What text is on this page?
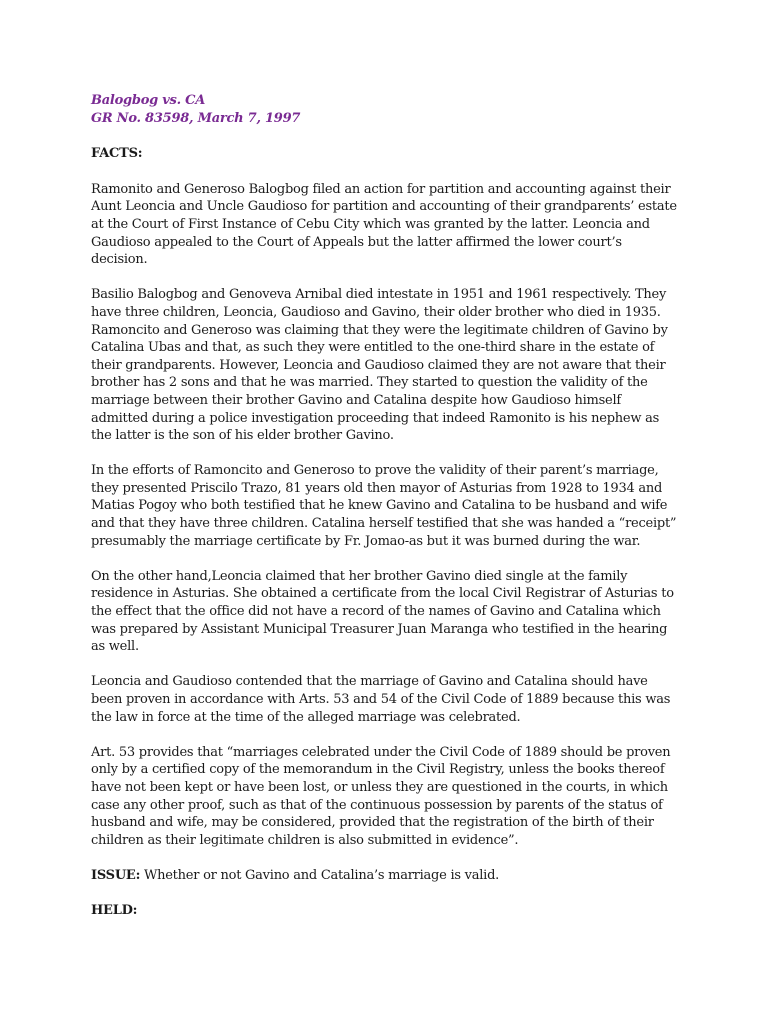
Balogbog vs. CA

GR No. 83598, March 7, 1997

FACTS:

Ramonito and Generoso Balogbog filed an action for partition and accounting against their Aunt Leoncia and Uncle Gaudioso for partition and accounting of their grandparents’ estate at the Court of First Instance of Cebu City which was granted by the latter. Leoncia and Gaudioso appealed to the Court of Appeals but the latter affirmed the lower court’s decision.

Basilio Balogbog and Genoveva Arnibal died intestate in 1951 and 1961 respectively. They have three children, Leoncia, Gaudioso and Gavino, their older brother who died in 1935. Ramoncito and Generoso was claiming that they were the legitimate children of Gavino by Catalina Ubas and that, as such they were entitled to the one-third share in the estate of their grandparents. However, Leoncia and Gaudioso claimed they are not aware that their brother has 2 sons and that he was married. They started to question the validity of the marriage between their brother Gavino and Catalina despite how Gaudioso himself admitted during a police investigation proceeding that indeed Ramonito is his nephew as the latter is the son of his elder brother Gavino.

In the efforts of Ramoncito and Generoso to prove the validity of their parent’s marriage, they presented Priscilo Trazo, 81 years old then mayor of Asturias from 1928 to 1934 and Matias Pogoy who both testified that he knew Gavino and Catalina to be husband and wife and that they have three children. Catalina herself testified that she was handed a “receipt” presumably the marriage certificate by Fr. Jomao-as but it was burned during the war.

On the other hand,Leoncia claimed that her brother Gavino died single at the family residence in Asturias. She obtained a certificate from the local Civil Registrar of Asturias to the effect that the office did not have a record of the names of Gavino and Catalina which was prepared by Assistant Municipal Treasurer Juan Maranga who testified in the hearing as well.

Leoncia and Gaudioso contended that the marriage of Gavino and Catalina should have been proven in accordance with Arts. 53 and 54 of the Civil Code of 1889 because this was the law in force at the time of the alleged marriage was celebrated.

Art. 53 provides that “marriages celebrated under the Civil Code of 1889 should be proven only by a certified copy of the memorandum in the Civil Registry, unless the books thereof have not been kept or have been lost, or unless they are questioned in the courts, in which case any other proof, such as that of the continuous possession by parents of the status of husband and wife, may be considered, provided that the registration of the birth of their children as their legitimate children is also submitted in evidence”.

ISSUE: Whether or not Gavino and Catalina’s marriage is valid.

HELD:
